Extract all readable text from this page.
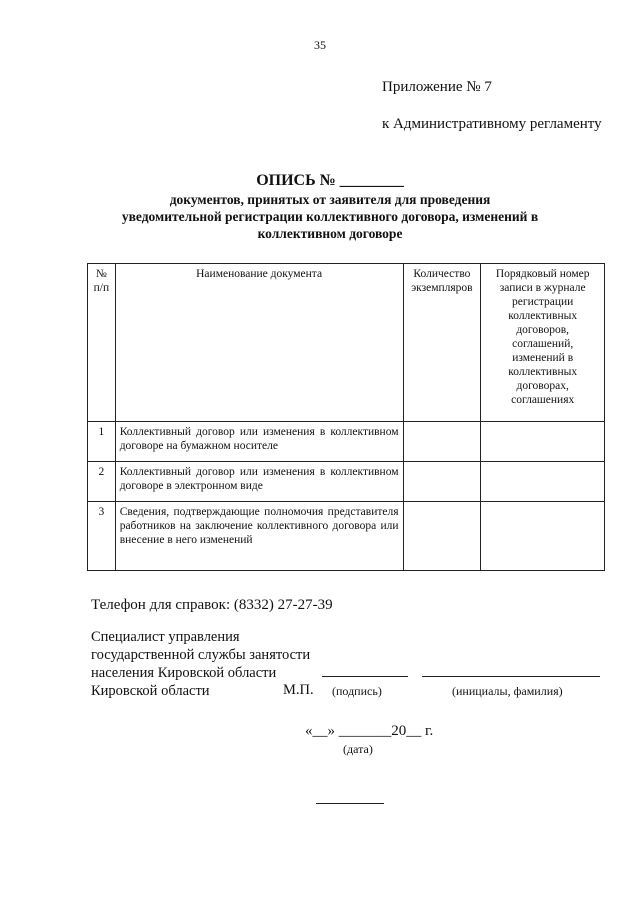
35
Приложение № 7
к Административному регламенту
ОПИСЬ № ________
документов, принятых от заявителя для проведения
уведомительной регистрации коллективного договора, изменений в
коллективном договоре
№ п/п	Наименование документа	Количество экземпляров	Порядковый номер записи в журнале регистрации коллективных договоров, соглашений, изменений в коллективных договорах, соглашениях
1	Коллективный договор или изменения в коллективном договоре на бумажном носителе		
2	Коллективный договор или изменения в коллективном договоре в электронном виде		
3	Сведения, подтверждающие полномочия представителя работников на заключение коллективного договора или внесение в него изменений		
Телефон для справок: (8332) 27-27-39
Специалист управления
государственной службы занятости
населения Кировской области
Кировской области	М.П. (подпись)	(инициалы, фамилия)
«__» _______20__ г.
(дата)
